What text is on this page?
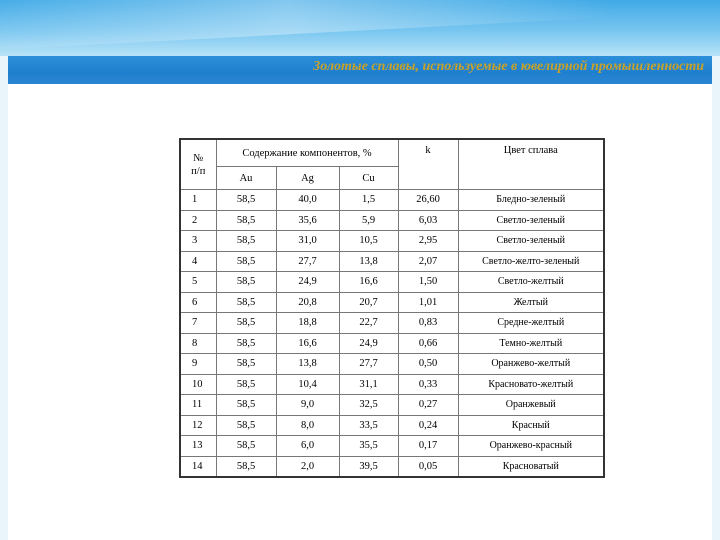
Золотые сплавы, используемые в ювелирной промышленности
№
п/п	Содержание компонентов, %			k	Цвет сплава
	Au	Ag	Cu		
1	58,5	40,0	1,5	26,60	Бледно-зеленый
2	58,5	35,6	5,9	6,03	Светло-зеленый
3	58,5	31,0	10,5	2,95	Светло-зеленый
4	58,5	27,7	13,8	2,07	Светло-желто-зеленый
5	58,5	24,9	16,6	1,50	Светло-желтый
6	58,5	20,8	20,7	1,01	Желтый
7	58,5	18,8	22,7	0,83	Средне-желтый
8	58,5	16,6	24,9	0,66	Темно-желтый
9	58,5	13,8	27,7	0,50	Оранжево-желтый
10	58,5	10,4	31,1	0,33	Красновато-желтый
11	58,5	9,0	32,5	0,27	Оранжевый
12	58,5	8,0	33,5	0,24	Красный
13	58,5	6,0	35,5	0,17	Оранжево-красный
14	58,5	2,0	39,5	0,05	Красноватый
